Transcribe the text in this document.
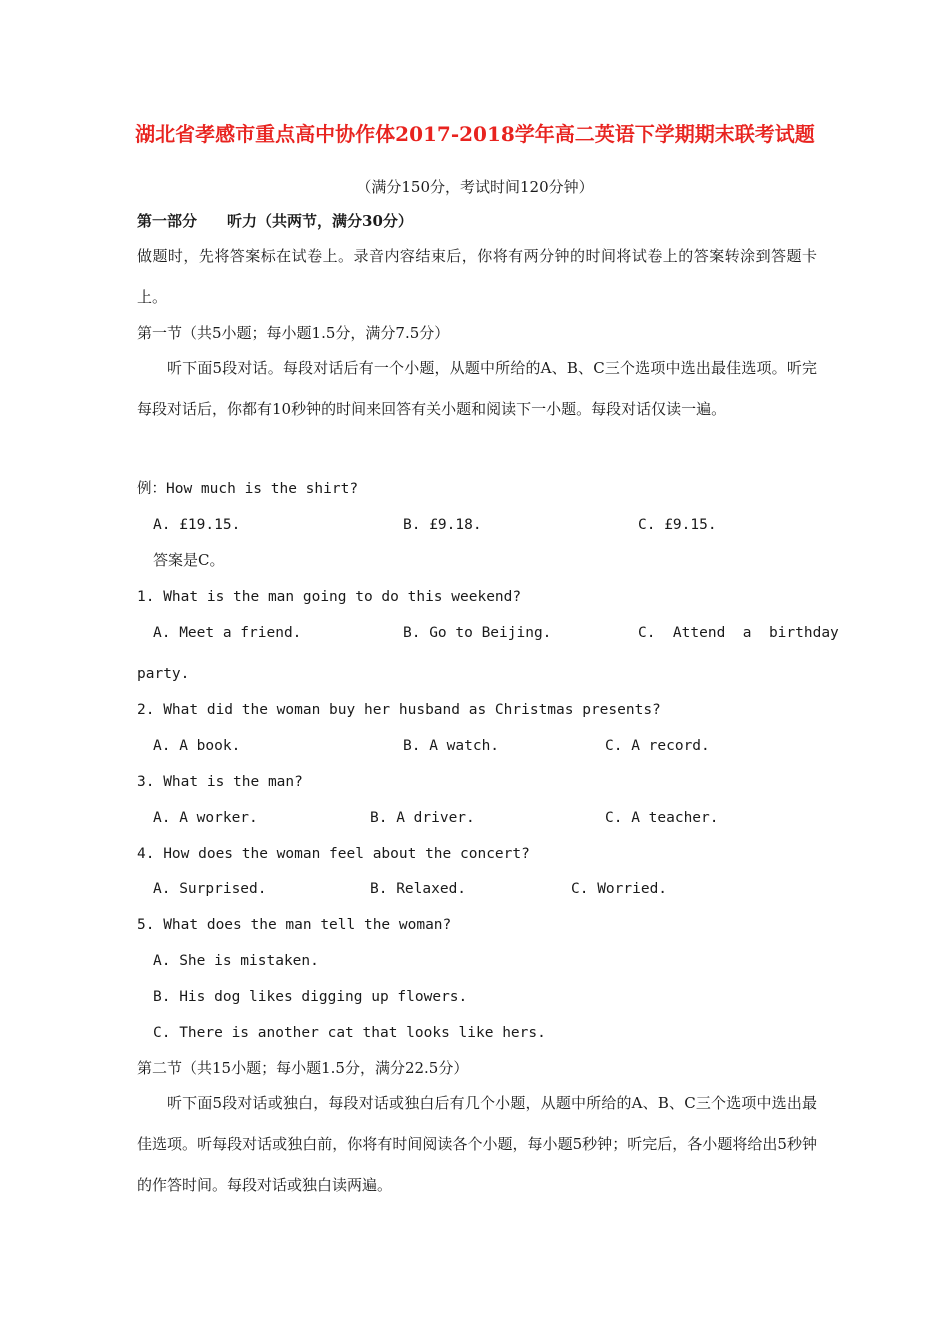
湖北省孝感市重点高中协作体2017-2018学年高二英语下学期期末联考试题
（满分150分，考试时间120分钟）
第一部分　　听力（共两节，满分30分）
做题时，先将答案标在试卷上。录音内容结束后，你将有两分钟的时间将试卷上的答案转涂到答题卡上。
第一节（共5小题；每小题1.5分，满分7.5分）
听下面5段对话。每段对话后有一个小题，从题中所给的A、B、C三个选项中选出最佳选项。听完每段对话后，你都有10秒钟的时间来回答有关小题和阅读下一小题。每段对话仅读一遍。
例：How much is the shirt?
A. £19.15.	B. £9.18.	C. £9.15.
答案是C。
1. What is the man going to do this weekend?
A. Meet a friend.	B. Go to Beijing.	C.  Attend  a  birthday
party.
2. What did the woman buy her husband as Christmas presents?
A. A book.	B. A watch.	C. A record.
3. What is the man?
A. A worker.	B. A driver.	C. A teacher.
4. How does the woman feel about the concert?
A. Surprised.	B. Relaxed.	C. Worried.
5. What does the man tell the woman?
A. She is mistaken.
B. His dog likes digging up flowers.
C. There is another cat that looks like hers.
第二节（共15小题；每小题1.5分，满分22.5分）
听下面5段对话或独白，每段对话或独白后有几个小题，从题中所给的A、B、C三个选项中选出最佳选项。听每段对话或独白前，你将有时间阅读各个小题，每小题5秒钟；听完后，各小题将给出5秒钟的作答时间。每段对话或独白读两遍。
